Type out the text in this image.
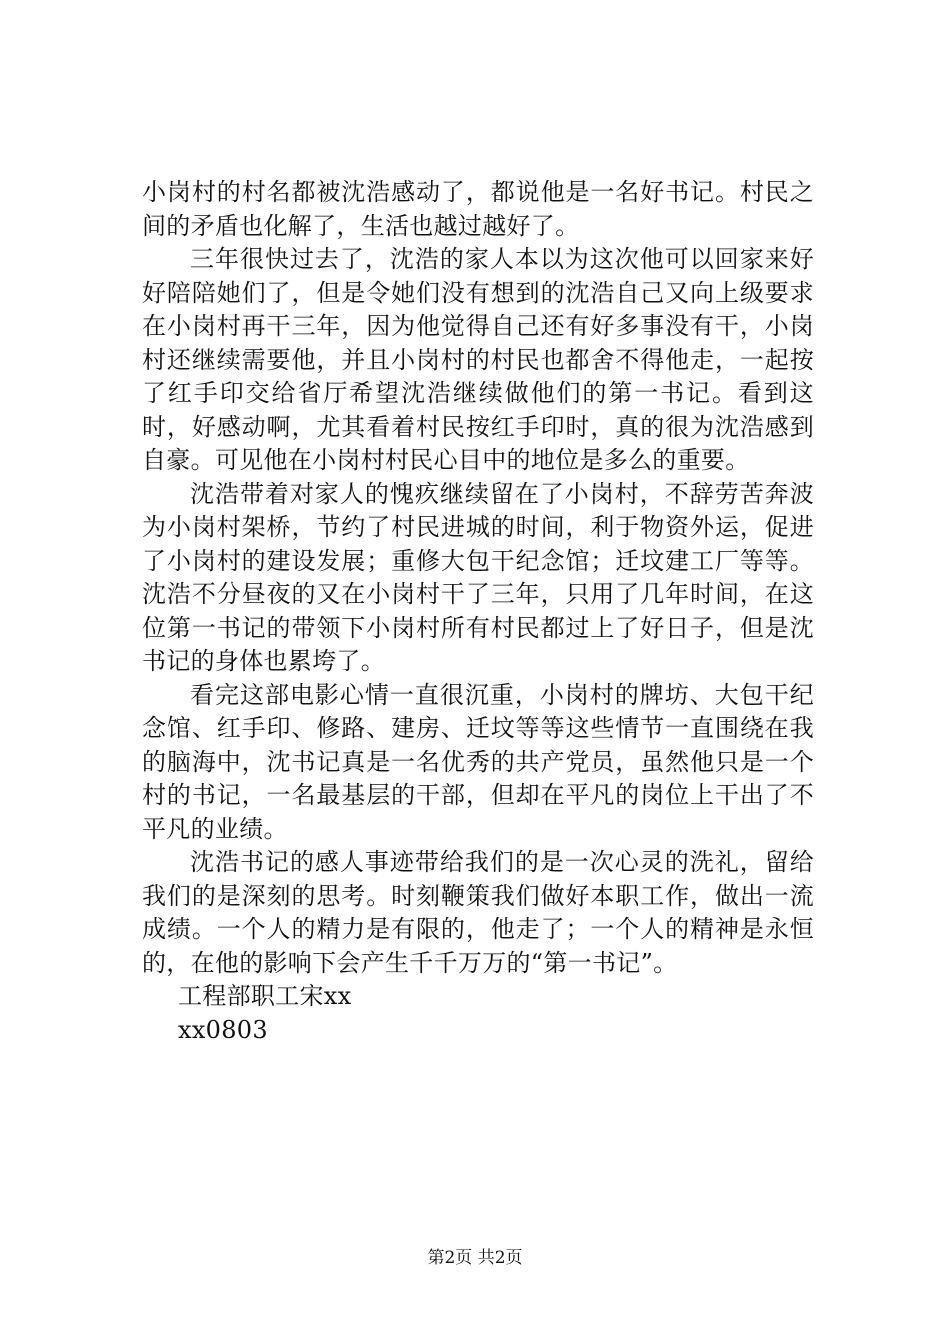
小岗村的村名都被沈浩感动了，都说他是一名好书记。村民之间的矛盾也化解了，生活也越过越好了。

三年很快过去了，沈浩的家人本以为这次他可以回家来好好陪陪她们了，但是令她们没有想到的沈浩自己又向上级要求在小岗村再干三年，因为他觉得自己还有好多事没有干，小岗村还继续需要他，并且小岗村的村民也都舍不得他走，一起按了红手印交给省厅希望沈浩继续做他们的第一书记。看到这时，好感动啊，尤其看着村民按红手印时，真的很为沈浩感到自豪。可见他在小岗村村民心目中的地位是多么的重要。

沈浩带着对家人的愧疚继续留在了小岗村，不辞劳苦奔波为小岗村架桥，节约了村民进城的时间，利于物资外运，促进了小岗村的建设发展；重修大包干纪念馆；迁坟建工厂等等。沈浩不分昼夜的又在小岗村干了三年，只用了几年时间，在这位第一书记的带领下小岗村所有村民都过上了好日子，但是沈书记的身体也累垮了。

看完这部电影心情一直很沉重，小岗村的牌坊、大包干纪念馆、红手印、修路、建房、迁坟等等这些情节一直围绕在我的脑海中，沈书记真是一名优秀的共产党员，虽然他只是一个村的书记，一名最基层的干部，但却在平凡的岗位上干出了不平凡的业绩。

沈浩书记的感人事迹带给我们的是一次心灵的洗礼，留给我们的是深刻的思考。时刻鞭策我们做好本职工作，做出一流成绩。一个人的精力是有限的，他走了；一个人的精神是永恒的，在他的影响下会产生千千万万的“第一书记”。

工程部职工宋xx

xx0803

第2页 共2页
